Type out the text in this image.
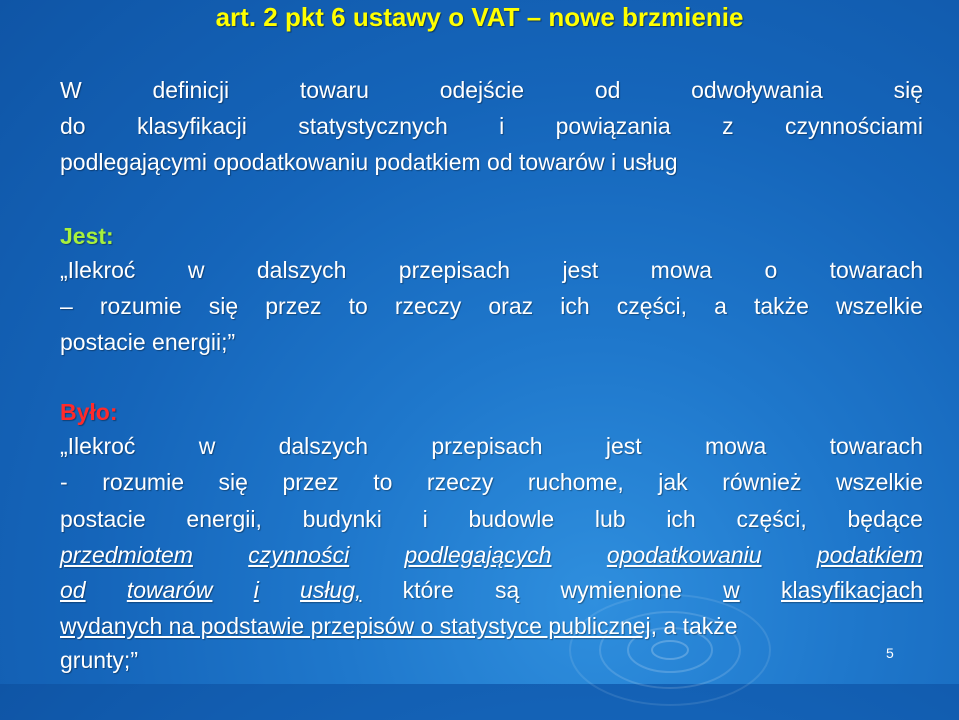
art. 2 pkt 6 ustawy o VAT – nowe brzmienie
W	definicji	towaru	odejście	od	odwoływania	się
do klasyfikacji statystycznych i powiązania z czynnościami
podlegającymi opodatkowaniu podatkiem od towarów i usług
Jest:
„Ilekroć w dalszych przepisach jest mowa o towarach
– rozumie się przez to rzeczy oraz ich części, a także wszelkie
postacie energii;”
Było:
„Ilekroć	w	dalszych	przepisach	jest	mowa	towarach
- rozumie się przez to rzeczy ruchome, jak również wszelkie
postacie energii, budynki i budowle lub ich części, będące
przedmiotem czynności podlegających opodatkowaniu podatkiem
od towarów i usług, które są wymienione w klasyfikacjach
wydanych na podstawie przepisów o statystyce publicznej, a także
grunty;”	5
